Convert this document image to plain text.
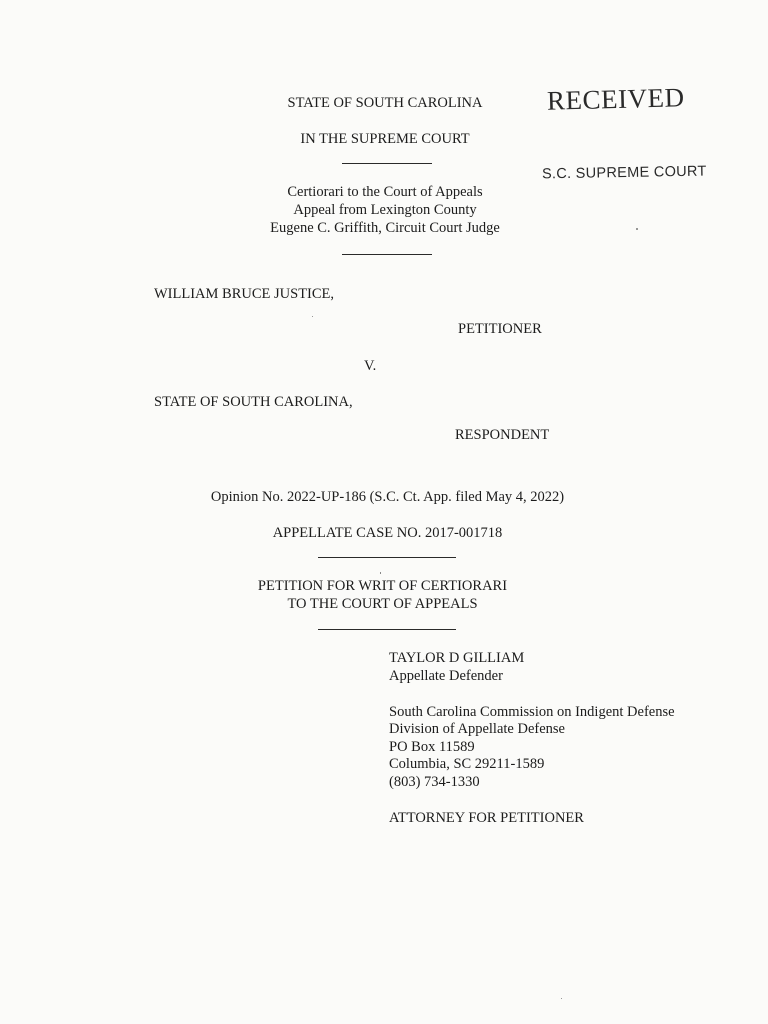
STATE OF SOUTH CAROLINA
IN THE SUPREME COURT
Certiorari to the Court of Appeals
Appeal from Lexington County
Eugene C. Griffith, Circuit Court Judge
RECEIVED
S.C. SUPREME COURT
WILLIAM BRUCE JUSTICE,
PETITIONER
V.
STATE OF SOUTH CAROLINA,
RESPONDENT
Opinion No. 2022-UP-186 (S.C. Ct. App. filed May 4, 2022)
APPELLATE CASE NO. 2017-001718
PETITION FOR WRIT OF CERTIORARI
TO THE COURT OF APPEALS
TAYLOR D GILLIAM
Appellate Defender
South Carolina Commission on Indigent Defense
Division of Appellate Defense
PO Box 11589
Columbia, SC 29211-1589
(803) 734-1330
ATTORNEY FOR PETITIONER
